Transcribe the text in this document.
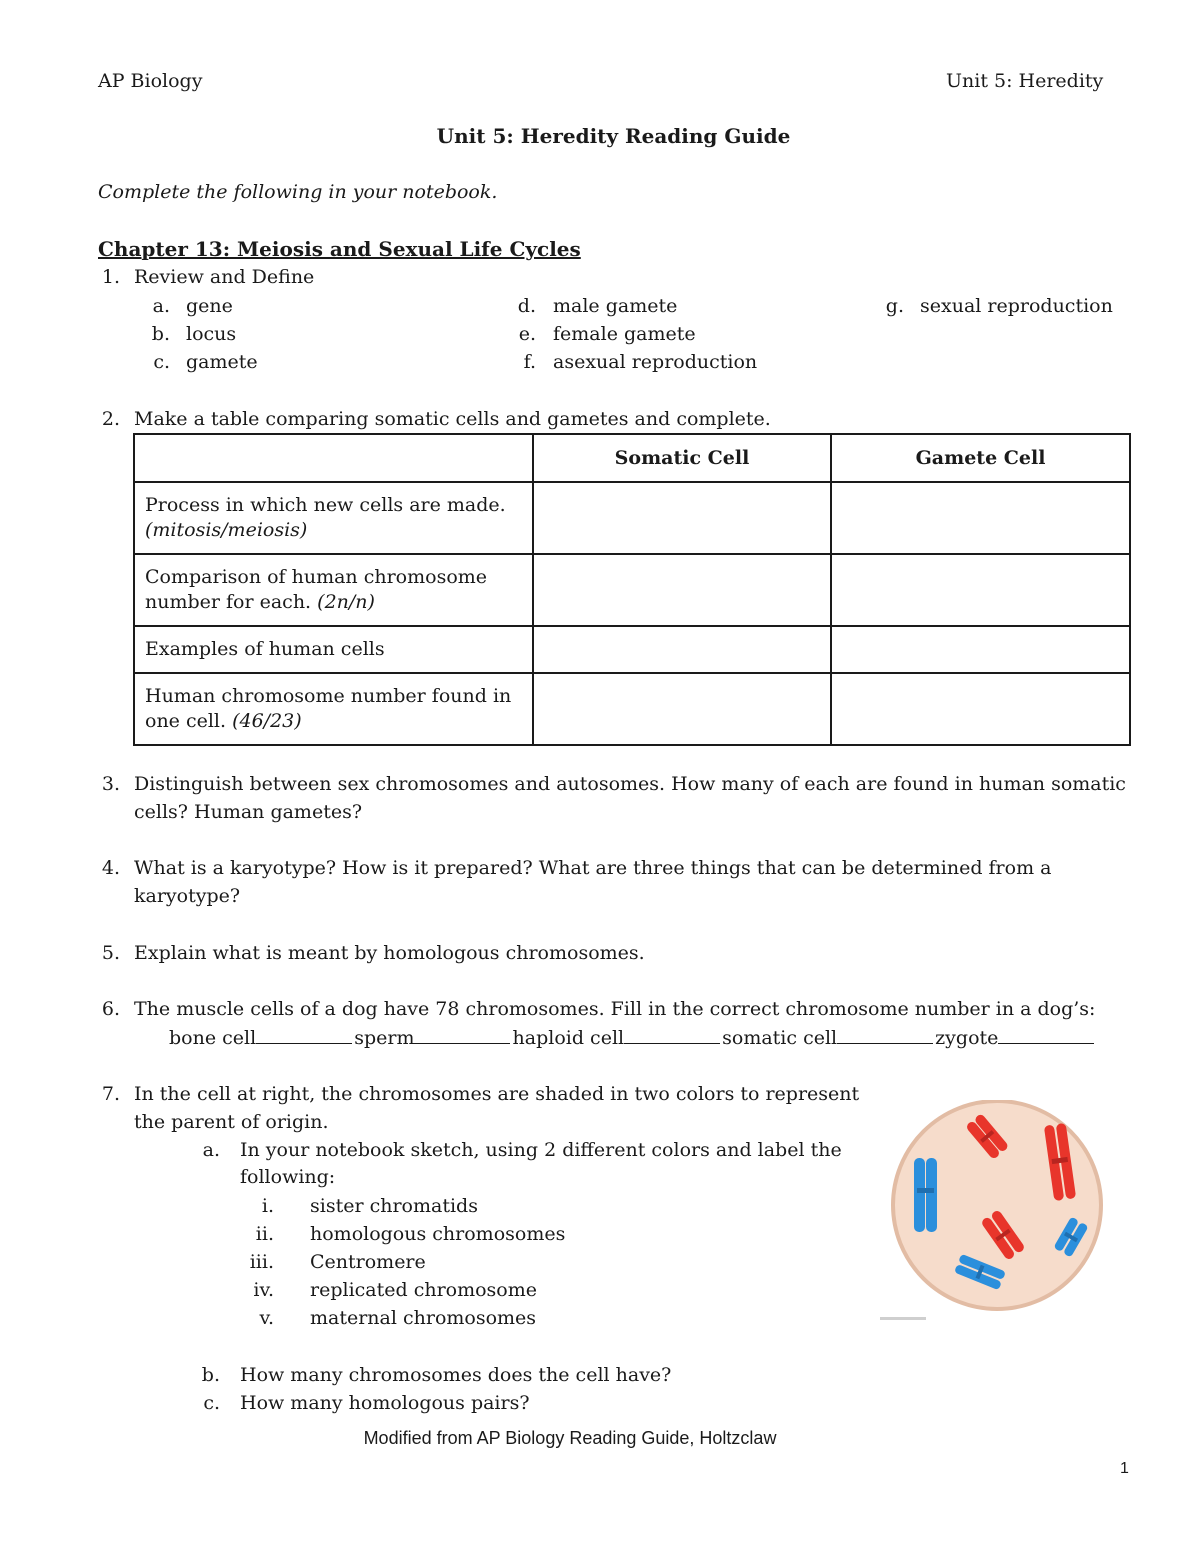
AP Biology	Unit 5: Heredity
Unit 5: Heredity Reading Guide
Complete the following in your notebook.
Chapter 13: Meiosis and Sexual Life Cycles
1. Review and Define
a. gene
b. locus
c. gamete
d. male gamete
e. female gamete
f. asexual reproduction
g. sexual reproduction
2. Make a table comparing somatic cells and gametes and complete.
	Somatic Cell	Gamete Cell
Process in which new cells are made.
(mitosis/meiosis)		
Comparison of human chromosome
number for each. (2n/n)		
Examples of human cells		
Human chromosome number found in
one cell. (46/23)		
3. Distinguish between sex chromosomes and autosomes. How many of each are found in human somatic
cells? Human gametes?
4. What is a karyotype? How is it prepared? What are three things that can be determined from a
karyotype?
5. Explain what is meant by homologous chromosomes.
6. The muscle cells of a dog have 78 chromosomes. Fill in the correct chromosome number in a dog’s:
bone cell	sperm	haploid cell	somatic cell	zygote
7. In the cell at right, the chromosomes are shaded in two colors to represent
the parent of origin.
a. In your notebook sketch, using 2 different colors and label the
following:
i. sister chromatids
ii. homologous chromosomes
iii. Centromere
iv. replicated chromosome
v. maternal chromosomes
b. How many chromosomes does the cell have?
c. How many homologous pairs?
Modified from AP Biology Reading Guide, Holtzclaw
1
